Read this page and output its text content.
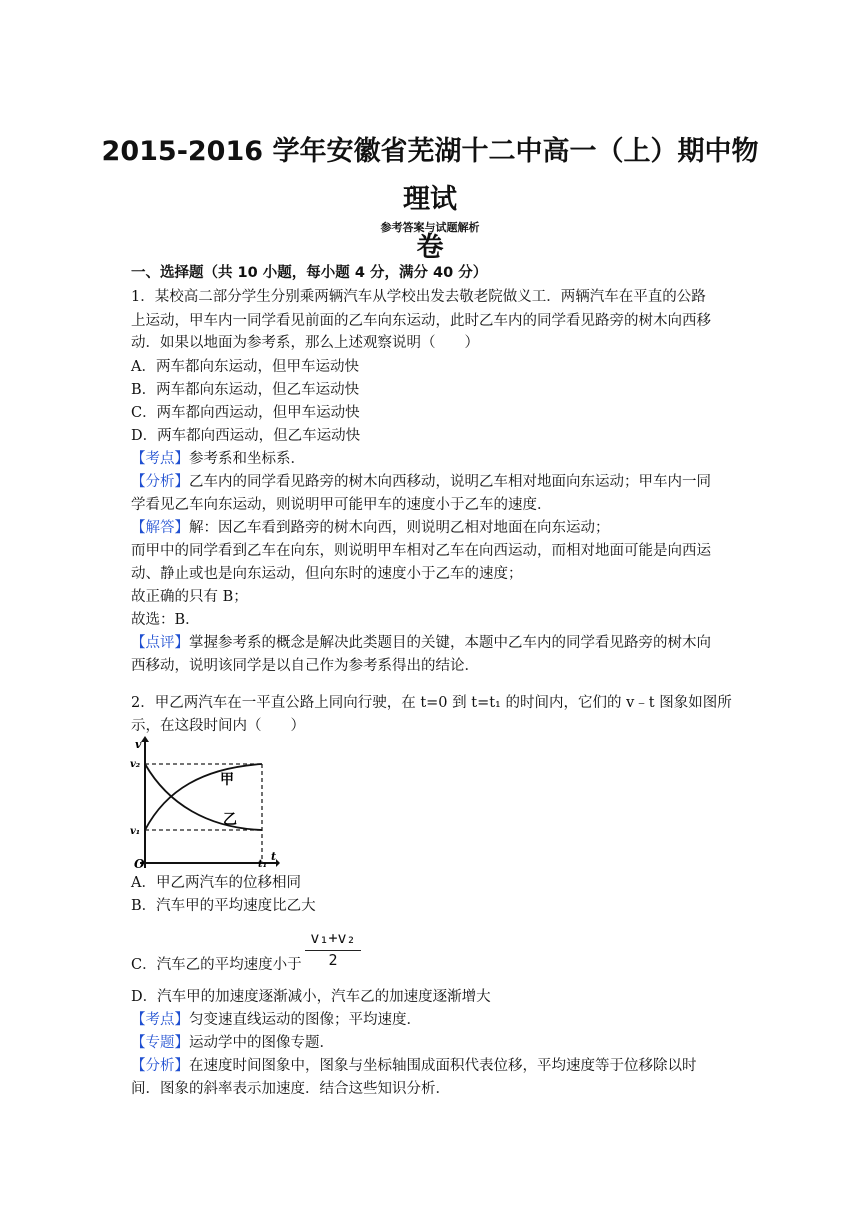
2015-2016 学年安徽省芜湖十二中高一（上）期中物理试
卷
参考答案与试题解析
一、选择题（共 10 小题，每小题 4 分，满分 40 分）
1．某校高二部分学生分别乘两辆汽车从学校出发去敬老院做义工．两辆汽车在平直的公路
上运动，甲车内一同学看见前面的乙车向东运动，此时乙车内的同学看见路旁的树木向西移
动．如果以地面为参考系，那么上述观察说明（　　）
A．两车都向东运动，但甲车运动快
B．两车都向东运动，但乙车运动快
C．两车都向西运动，但甲车运动快
D．两车都向西运动，但乙车运动快
【考点】参考系和坐标系．
【分析】乙车内的同学看见路旁的树木向西移动，说明乙车相对地面向东运动；甲车内一同
学看见乙车向东运动，则说明甲可能甲车的速度小于乙车的速度．
【解答】解：因乙车看到路旁的树木向西，则说明乙相对地面在向东运动；
而甲中的同学看到乙车在向东，则说明甲车相对乙车在向西运动，而相对地面可能是向西运
动、静止或也是向东运动，但向东时的速度小于乙车的速度；
故正确的只有 B；
故选：B．
【点评】掌握参考系的概念是解决此类题目的关键，本题中乙车内的同学看见路旁的树木向
西移动，说明该同学是以自己作为参考系得出的结论．
2．甲乙两汽车在一平直公路上同向行驶，在 t=0 到 t=t₁ 的时间内，它们的 v﹣t 图象如图所
示，在这段时间内（　　）
v
v₂
v₁
O	t₁
t
甲
乙
A．甲乙两汽车的位移相同
B．汽车甲的平均速度比乙大
C．汽车乙的平均速度小于 $\frac{\text{v₁+v₂}}{2}$
D．汽车甲的加速度逐渐减小，汽车乙的加速度逐渐增大
【考点】匀变速直线运动的图像；平均速度．
【专题】运动学中的图像专题．
【分析】在速度时间图象中，图象与坐标轴围成面积代表位移，平均速度等于位移除以时
间．图象的斜率表示加速度．结合这些知识分析．
